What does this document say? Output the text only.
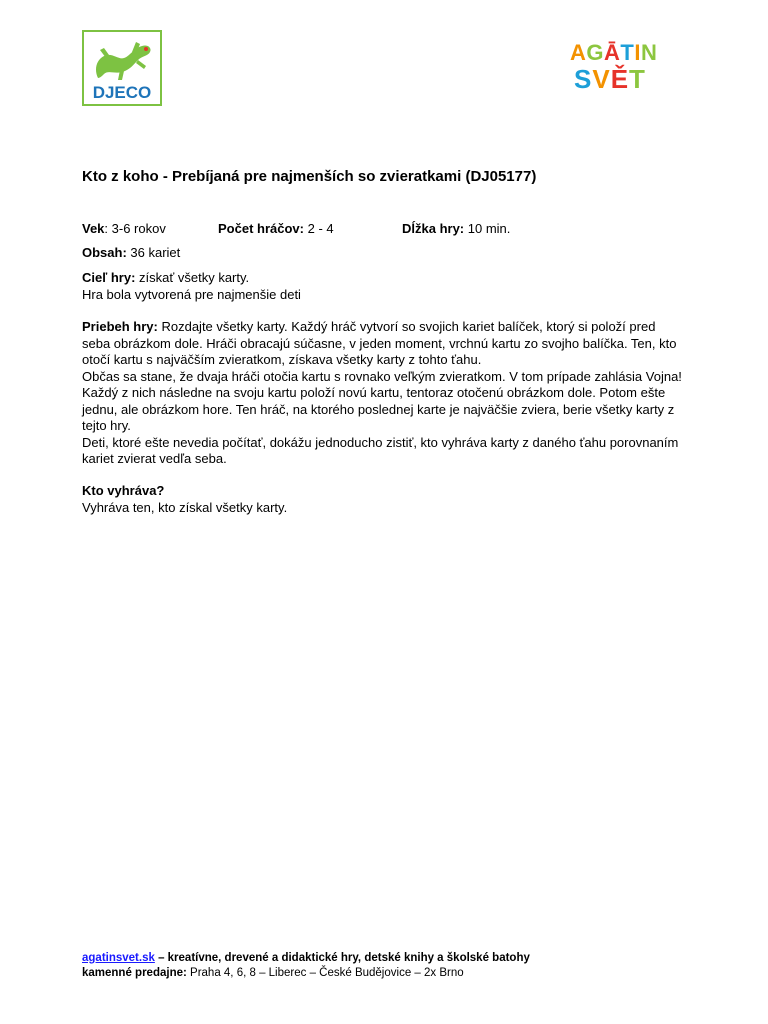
DJECO
AGĀTIN
SVĚT
Kto z koho - Prebíjaná pre najmenších so zvieratkami (DJ05177)
Vek: 3-6 rokov	Počet hráčov: 2 - 4	Dĺžka hry: 10 min.
Obsah: 36 kariet

Cieľ hry: získať všetky karty.

Hra bola vytvorená pre najmenšie deti

Priebeh hry: Rozdajte všetky karty. Každý hráč vytvorí so svojich kariet balíček, ktorý si položí pred seba obrázkom dole. Hráči obracajú súčasne, v jeden moment, vrchnú kartu zo svojho balíčka. Ten, kto otočí kartu s najväčším zvieratkom, získava všetky karty z tohto ťahu.

Občas sa stane, že dvaja hráči otočia kartu s rovnako veľkým zvieratkom. V tom prípade zahlásia Vojna! Každý z nich následne na svoju kartu položí novú kartu, tentoraz otočenú obrázkom dole. Potom ešte jednu, ale obrázkom hore. Ten hráč, na ktorého poslednej karte je najväčšie zviera, berie všetky karty z tejto hry.

Deti, ktoré ešte nevedia počítať, dokážu jednoducho zistiť, kto vyhráva karty z daného ťahu porovnaním kariet zvierat vedľa seba.

Kto vyhráva?

Vyhráva ten, kto získal všetky karty.

agatinsvet.sk – kreatívne, drevené a didaktické hry, detské knihy a školské batohy
kamenné predajne: Praha 4, 6, 8 – Liberec – České Budějovice – 2x Brno
